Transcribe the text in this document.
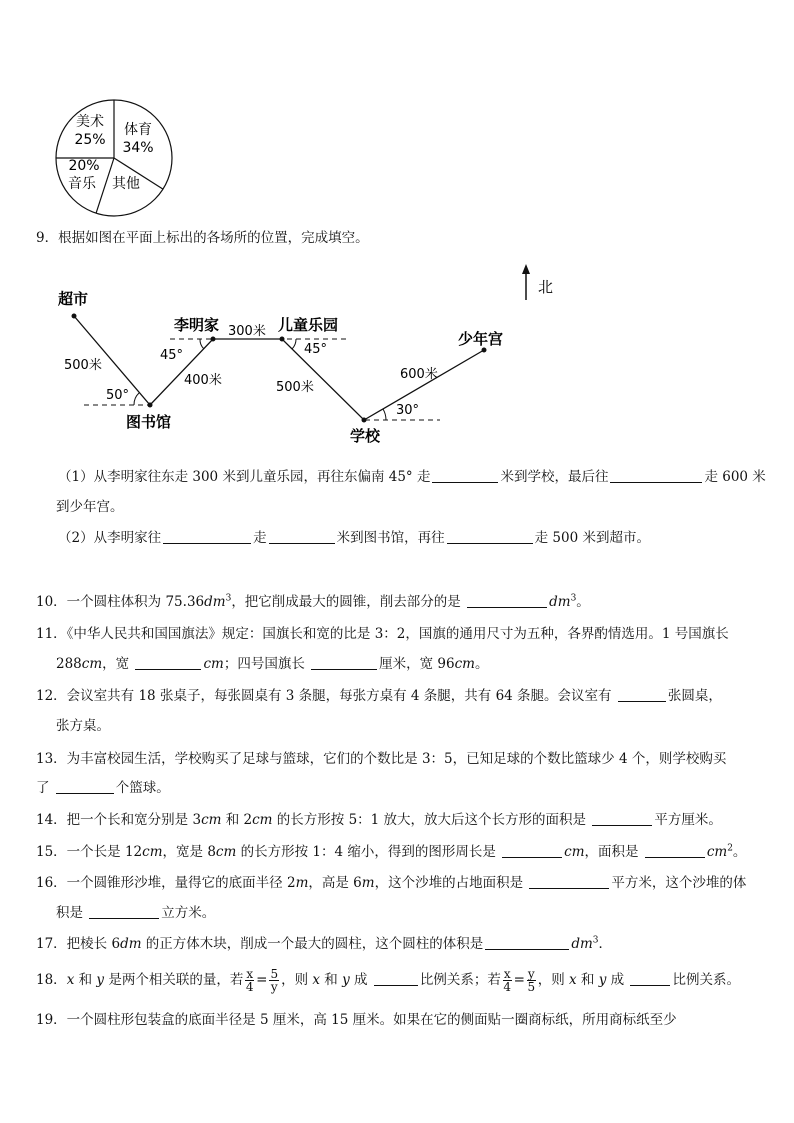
美术
25%
体育
34%
20%
音乐 其他
9．根据如图在平面上标出的各场所的位置，完成填空。
北
超市
图书馆
李明家	儿童乐园
少年宫
学校
500米
400米
300米
500米
600米
50°
45°	45°
30°
（1）从李明家往东走 300 米到儿童乐园，再往东偏南 45° 走	米到学校，最后往	走 600 米
到少年宫。
（2）从李明家往	走	米到图书馆，再往	走 500 米到超市。
10．一个圆柱体积为 $75.36dm^3$，把它削成最大的圆锥，削去部分的是	$dm^3$。
11．《中华人民共和国国旗法》规定：国旗长和宽的比是 3：2，国旗的通用尺寸为五种，各界酌情选用。1 号国旗长
288cm，宽	cm；四号国旗长	厘米，宽 96cm。
12．会议室共有 18 张桌子，每张圆桌有 3 条腿，每张方桌有 4 条腿，共有 64 条腿。会议室有	张圆桌，
张方桌。
13．为丰富校园生活，学校购买了足球与篮球，它们的个数比是 3：5，已知足球的个数比篮球少 4 个，则学校购买
了	个篮球。
14．把一个长和宽分别是 3cm 和 2cm 的长方形按 5：1 放大，放大后这个长方形的面积是	平方厘米。
15．一个长是 12cm，宽是 8cm 的长方形按 1：4 缩小，得到的图形周长是	cm，面积是	$cm^2$。
16．一个圆锥形沙堆，量得它的底面半径 2m，高是 6m，这个沙堆的占地面积是	平方米，这个沙堆的体
积是	立方米。
17．把棱长 6dm 的正方体木块，削成一个最大的圆柱，这个圆柱的体积是	$dm^3$．
18．x 和 y 是两个相关联的量，若 $\frac{x}{4} = \frac{5}{y}$ ，则 x 和 y 成	比例关系；若 $\frac{x}{4} = \frac{y}{5}$ ，则 x 和 y 成	比例关系。
19．一个圆柱形包装盒的底面半径是 5 厘米，高 15 厘米。如果在它的侧面贴一圈商标纸，所用商标纸至少
